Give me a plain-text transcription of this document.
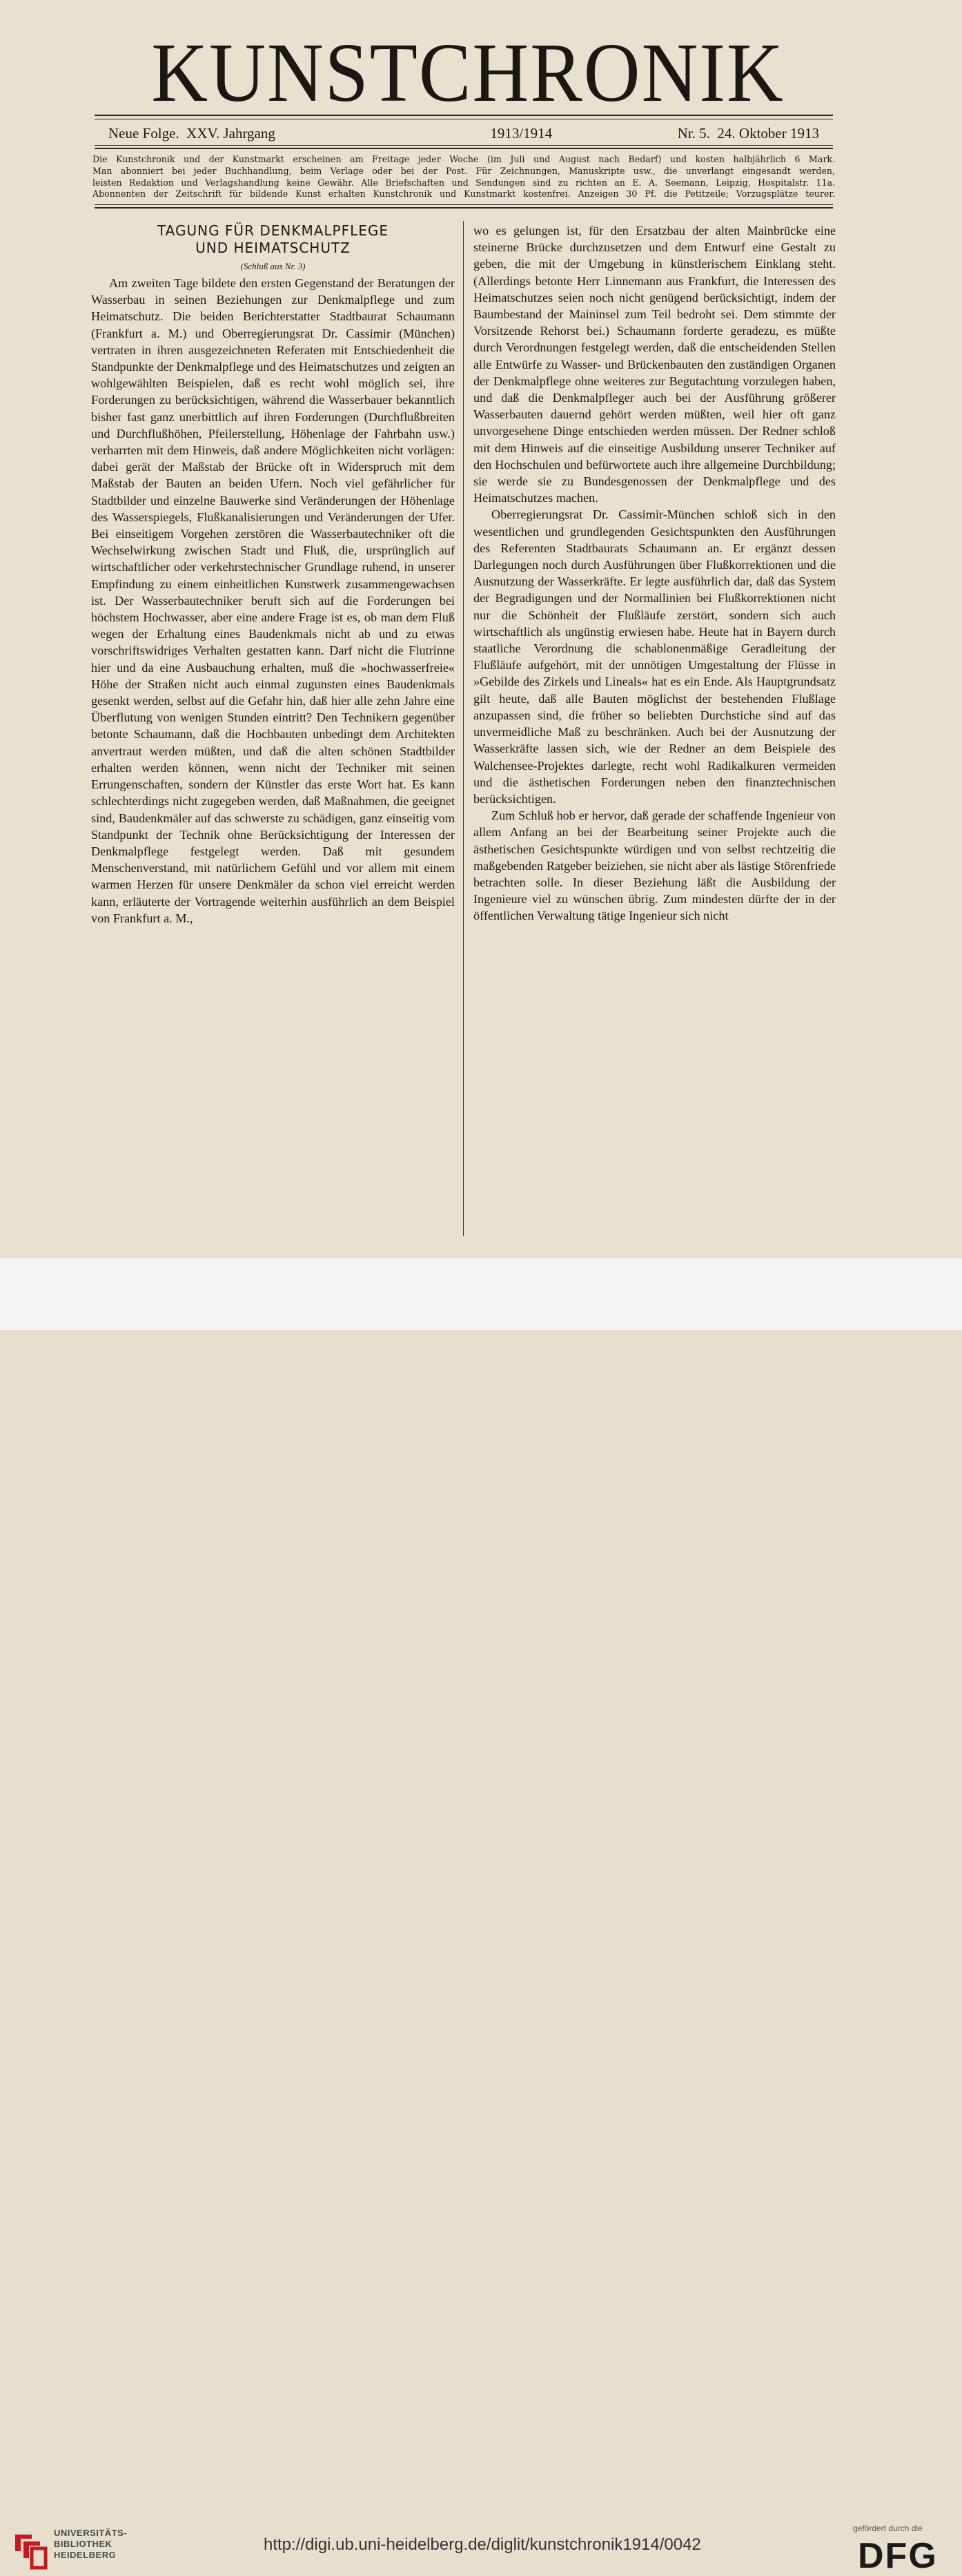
KUNSTCHRONIK
Neue Folge. XXV. Jahrgang	1913/1914	Nr. 5. 24. Oktober 1913
Die Kunstchronik und der Kunstmarkt erscheinen am Freitage jeder Woche (im Juli und August nach Bedarf) und kosten halbjährlich 6 Mark.
Man abonniert bei jeder Buchhandlung, beim Verlage oder bei der Post. Für Zeichnungen, Manuskripte usw., die unverlangt eingesandt werden,
leisten Redaktion und Verlagshandlung keine Gewähr. Alle Briefschaften und Sendungen sind zu richten an E. A. Seemann, Leipzig, Hospitalstr. 11a.
Abonnenten der Zeitschrift für bildende Kunst erhalten Kunstchronik und Kunstmarkt kostenfrei. Anzeigen 30 Pf. die Petitzeile; Vorzugsplätze teurer.
TAGUNG FÜR DENKMALPFLEGE
UND HEIMATSCHUTZ
(Schluß aus Nr. 3)

Am zweiten Tage bildete den ersten Gegenstand der Beratungen der Wasserbau in seinen Beziehungen zur Denkmalpflege und zum Heimatschutz. Die beiden Berichterstatter Stadtbaurat Schaumann (Frankfurt a. M.) und Oberregierungsrat Dr. Cassimir (München) vertraten in ihren ausgezeichneten Referaten mit Entschiedenheit die Standpunkte der Denkmalpflege und des Heimatschutzes und zeigten an wohlgewählten Beispielen, daß es recht wohl möglich sei, ihre Forderungen zu berücksichtigen, während die Wasserbauer bekanntlich bisher fast ganz unerbittlich auf ihren Forderungen (Durchflußbreiten und Durchflußhöhen, Pfeilerstellung, Höhenlage der Fahrbahn usw.) verharrten mit dem Hinweis, daß andere Möglichkeiten nicht vorlägen: dabei gerät der Maßstab der Brücke oft in Widerspruch mit dem Maßstab der Bauten an beiden Ufern. Noch viel gefährlicher für Stadtbilder und einzelne Bauwerke sind Veränderungen der Höhenlage des Wasserspiegels, Flußkanalisierungen und Veränderungen der Ufer. Bei einseitigem Vorgehen zerstören die Wasserbautechniker oft die Wechselwirkung zwischen Stadt und Fluß, die, ursprünglich auf wirtschaftlicher oder verkehrstechnischer Grundlage ruhend, in unserer Empfindung zu einem einheitlichen Kunstwerk zusammengewachsen ist. Der Wasserbautechniker beruft sich auf die Forderungen bei höchstem Hochwasser, aber eine andere Frage ist es, ob man dem Fluß wegen der Erhaltung eines Baudenkmals nicht ab und zu etwas vorschriftswidriges Verhalten gestatten kann. Darf nicht die Flutrinne hier und da eine Ausbauchung erhalten, muß die »hochwasserfreie« Höhe der Straßen nicht auch einmal zugunsten eines Baudenkmals gesenkt werden, selbst auf die Gefahr hin, daß hier alle zehn Jahre eine Überflutung von wenigen Stunden eintritt? Den Technikern gegenüber betonte Schaumann, daß die Hochbauten unbedingt dem Architekten anvertraut werden müßten, und daß die alten schönen Stadtbilder erhalten werden können, wenn nicht der Techniker mit seinen Errungenschaften, sondern der Künstler das erste Wort hat. Es kann schlechterdings nicht zugegeben werden, daß Maßnahmen, die geeignet sind, Baudenkmäler auf das schwerste zu schädigen, ganz einseitig vom Standpunkt der Technik ohne Berücksichtigung der Interessen der Denkmalpflege festgelegt werden. Daß mit gesundem Menschenverstand, mit natürlichem Gefühl und vor allem mit einem warmen Herzen für unsere Denkmäler da schon viel erreicht werden kann, erläuterte der Vortragende weiterhin ausführlich an dem Beispiel von Frankfurt a. M.,

wo es gelungen ist, für den Ersatzbau der alten Mainbrücke eine steinerne Brücke durchzusetzen und dem Entwurf eine Gestalt zu geben, die mit der Umgebung in künstlerischem Einklang steht. (Allerdings betonte Herr Linnemann aus Frankfurt, die Interessen des Heimatschutzes seien noch nicht genügend berücksichtigt, indem der Baumbestand der Maininsel zum Teil bedroht sei. Dem stimmte der Vorsitzende Rehorst bei.) Schaumann forderte geradezu, es müßte durch Verordnungen festgelegt werden, daß die entscheidenden Stellen alle Entwürfe zu Wasser- und Brückenbauten den zuständigen Organen der Denkmalpflege ohne weiteres zur Begutachtung vorzulegen haben, und daß die Denkmalpfleger auch bei der Ausführung größerer Wasserbauten dauernd gehört werden müßten, weil hier oft ganz unvorgesehene Dinge entschieden werden müssen. Der Redner schloß mit dem Hinweis auf die einseitige Ausbildung unserer Techniker auf den Hochschulen und befürwortete auch ihre allgemeine Durchbildung; sie werde sie zu Bundesgenossen der Denkmalpflege und des Heimatschutzes machen.

Oberregierungsrat Dr. Cassimir-München schloß sich in den wesentlichen und grundlegenden Gesichtspunkten den Ausführungen des Referenten Stadtbaurats Schaumann an. Er ergänzt dessen Darlegungen noch durch Ausführungen über Flußkorrektionen und die Ausnutzung der Wasserkräfte. Er legte ausführlich dar, daß das System der Begradigungen und der Normallinien bei Flußkorrektionen nicht nur die Schönheit der Flußläufe zerstört, sondern sich auch wirtschaftlich als ungünstig erwiesen habe. Heute hat in Bayern durch staatliche Verordnung die schablonenmäßige Geradleitung der Flußläufe aufgehört, mit der unnötigen Umgestaltung der Flüsse in »Gebilde des Zirkels und Lineals« hat es ein Ende. Als Hauptgrundsatz gilt heute, daß alle Bauten möglichst der bestehenden Flußlage anzupassen sind, die früher so beliebten Durchstiche sind auf das unvermeidliche Maß zu beschränken. Auch bei der Ausnutzung der Wasserkräfte lassen sich, wie der Redner an dem Beispiele des Walchensee-Projektes darlegte, recht wohl Radikalkuren vermeiden und die ästhetischen Forderungen neben den finanztechnischen berücksichtigen.

Zum Schluß hob er hervor, daß gerade der schaffende Ingenieur von allem Anfang an bei der Bearbeitung seiner Projekte auch die ästhetischen Gesichtspunkte würdigen und von selbst rechtzeitig die maßgebenden Ratgeber beiziehen, sie nicht aber als lästige Störenfriede betrachten solle. In dieser Beziehung läßt die Ausbildung der Ingenieure viel zu wünschen übrig. Zum mindesten dürfte der in der öffentlichen Verwaltung tätige Ingenieur sich nicht

UNIVERSITÄTS-
BIBLIOTHEK
HEIDELBERG
http://digi.ub.uni-heidelberg.de/diglit/kunstchronik1914/0042
gefördert durch die
DFG
